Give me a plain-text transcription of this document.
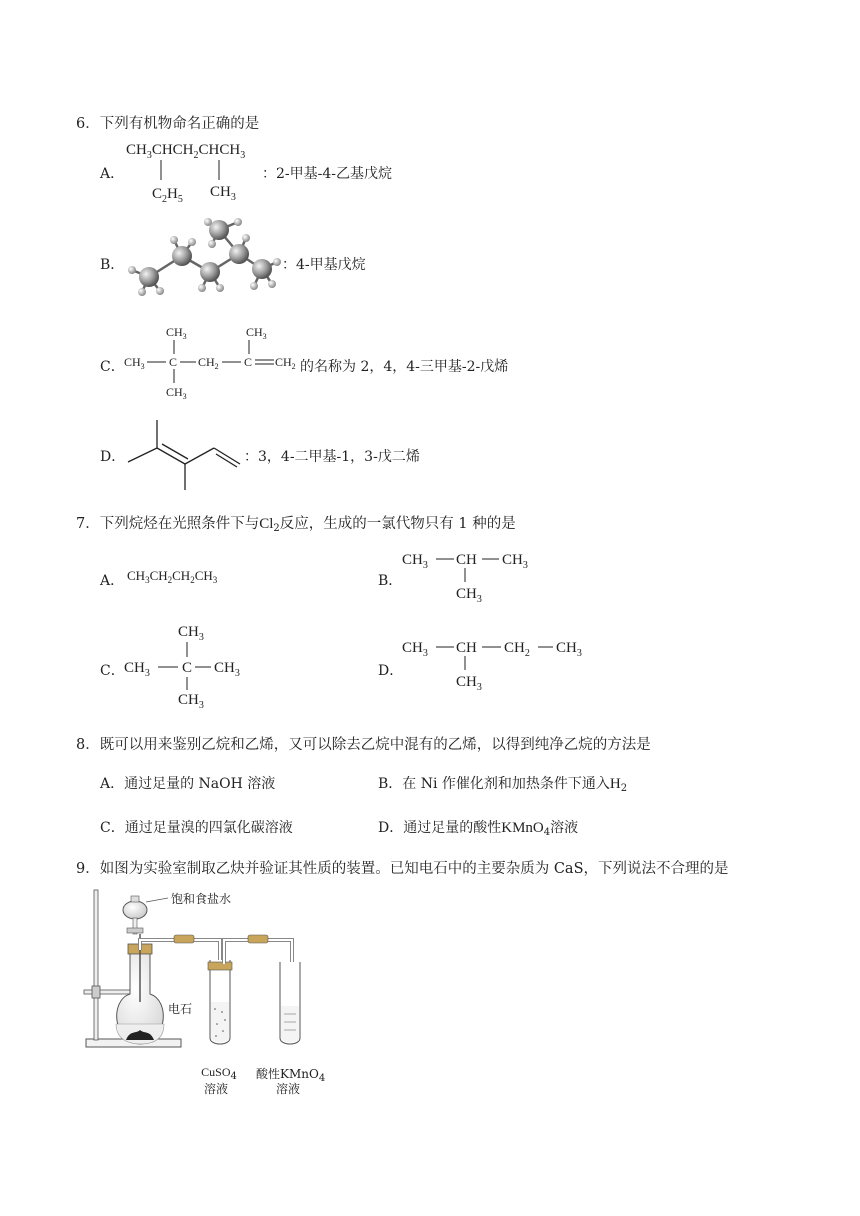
6．下列有机物命名正确的是
A．
$CH_3CHCH_2CHCH_3$
$C_2H_5$ $CH_3$
：2-甲基-4-乙基戊烷
B．	：4-甲基戊烷
C．
$CH_3$	$CH_3$
$CH_3$ C $CH_2$ C $CH_2$
$CH_3$
的名称为 2，4，4-三甲基-2-戊烯
D．	：3，4-二甲基-1，3-戊二烯
7．下列烷烃在光照条件下与$Cl_2$反应，生成的一氯代物只有 1 种的是
A． $CH_3CH_2CH_2CH_3$	B．
$CH_3$ CH $CH_3$
$CH_3$
C．
$CH_3$
$CH_3$ C $CH_3$
$CH_3$
D．
$CH_3$ CH $CH_2$ $CH_3$
$CH_3$
8．既可以用来鉴别乙烷和乙烯，又可以除去乙烷中混有的乙烯，以得到纯净乙烷的方法是
A．通过足量的 NaOH 溶液	B．在 Ni 作催化剂和加热条件下通入$H_2$
C．通过足量溴的四氯化碳溶液	D．通过足量的酸性KMnO$_4$溶液
9．如图为实验室制取乙炔并验证其性质的装置。已知电石中的主要杂质为 CaS，下列说法不合理的是
饱和食盐水
电石
CuSO$_4$
溶液
酸性KMnO$_4$
溶液
